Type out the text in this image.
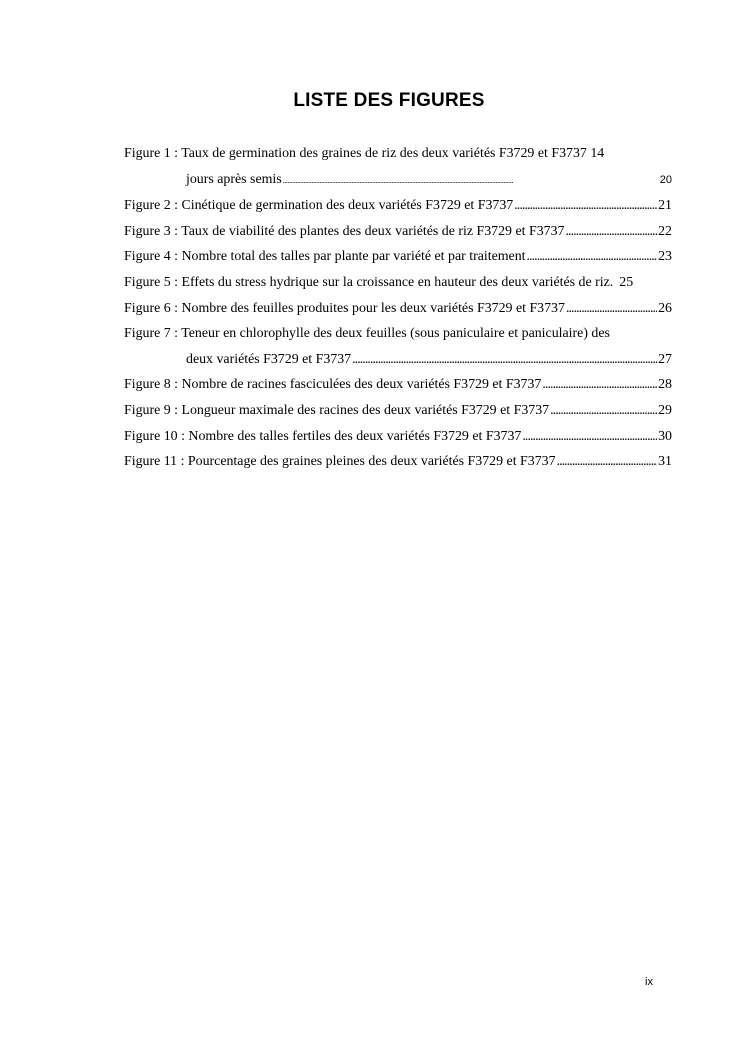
LISTE DES FIGURES
Figure 1 : Taux de germination des graines de riz des deux variétés F3729 et F3737 14
jours après semis . . .	20
Figure 2 : Cinétique de germination des deux variétés F3729 et F3737 . . .	21
Figure 3 : Taux de viabilité des plantes des deux variétés de riz F3729 et F3737 . . .	22
Figure 4 : Nombre total des talles par plante par variété et par traitement . . .	23
Figure 5 : Effets du stress hydrique sur la croissance en hauteur des deux variétés de riz. 25
Figure 6 : Nombre des feuilles produites pour les deux variétés F3729 et F3737 . . .	26
Figure 7 : Teneur en chlorophylle des deux feuilles (sous paniculaire et paniculaire) des
deux variétés F3729 et F3737 . . .	27
Figure 8 : Nombre de racines fasciculées des deux variétés F3729 et F3737 . . .	28
Figure 9 : Longueur maximale des racines des deux variétés F3729 et F3737 . . .	29
Figure 10 : Nombre des talles fertiles des deux variétés F3729 et F3737 . . .	30
Figure 11 : Pourcentage des graines pleines des deux variétés F3729 et F3737 . . .	31
ix
